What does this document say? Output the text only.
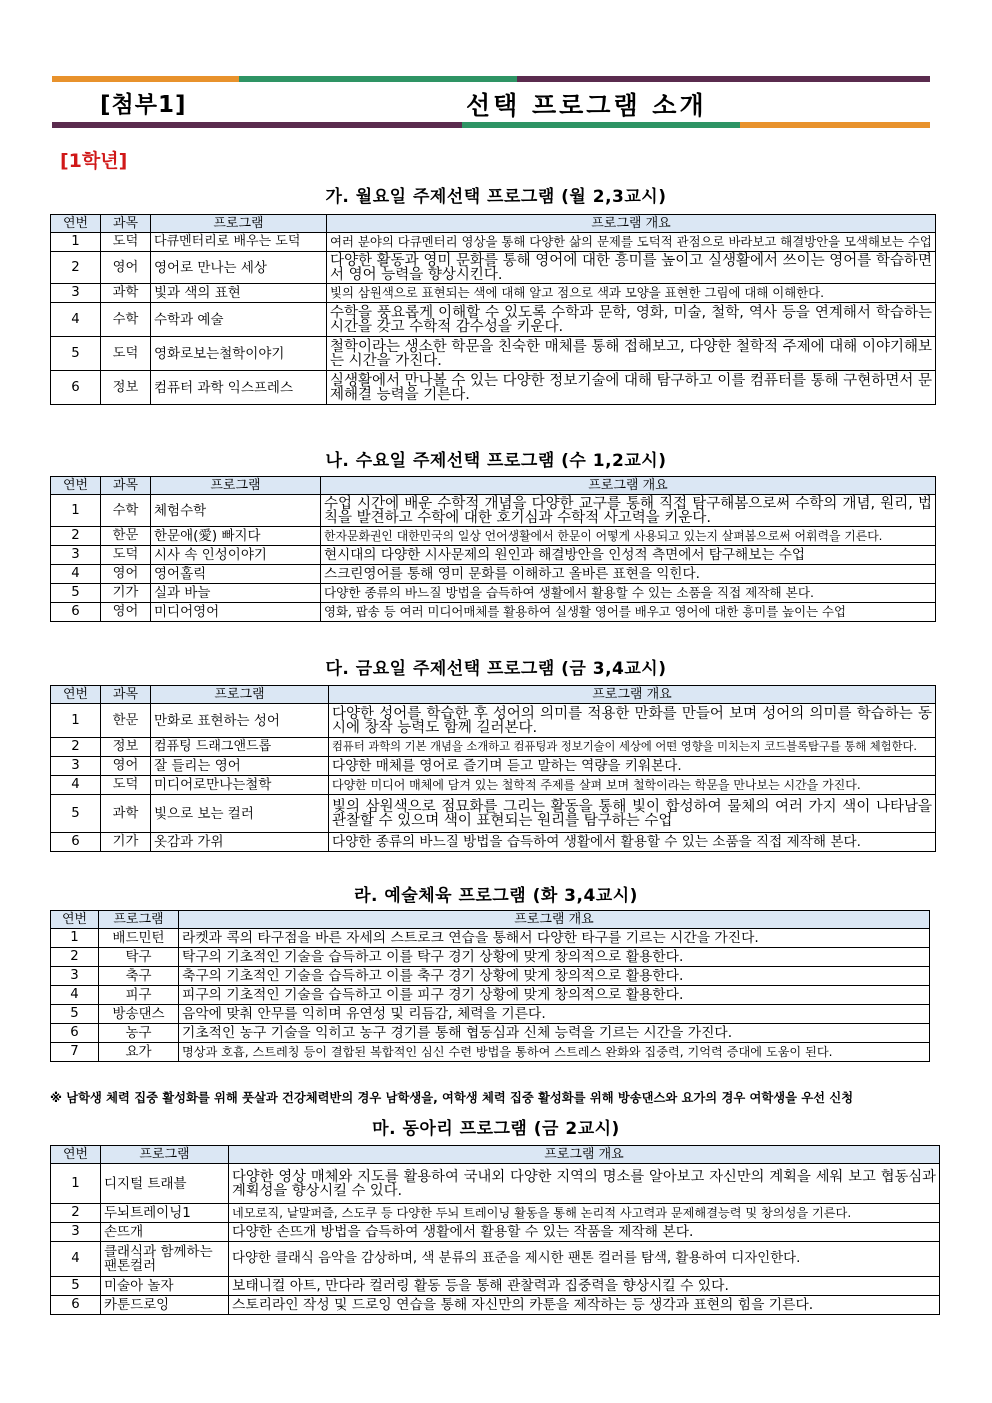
[첨부1]	선택 프로그램 소개
[1학년]
가. 월요일 주제선택 프로그램 (월 2,3교시)
연번	과목	프로그램	프로그램 개요
1	도덕	다큐멘터리로 배우는 도덕	여러 분야의 다큐멘터리 영상을 통해 다양한 삶의 문제를 도덕적 관점으로 바라보고 해결방안을 모색해보는 수업
2	영어	영어로 만나는 세상	다양한 활동과 영미 문화를 통해 영어에 대한 흥미를 높이고 실생활에서 쓰이는 영어를 학습하면서 영어 능력을 향상시킨다.
3	과학	빛과 색의 표현	빛의 삼원색으로 표현되는 색에 대해 알고 점으로 색과 모양을 표현한 그림에 대해 이해한다.
4	수학	수학과 예술	수학을 풍요롭게 이해할 수 있도록 수학과 문학, 영화, 미술, 철학, 역사 등을 연계해서 학습하는 시간을 갖고 수학적 감수성을 키운다.
5	도덕	영화로보는철학이야기	철학이라는 생소한 학문을 친숙한 매체를 통해 접해보고, 다양한 철학적 주제에 대해 이야기해보는 시간을 가진다.
6	정보	컴퓨터 과학 익스프레스	실생활에서 만나볼 수 있는 다양한 정보기술에 대해 탐구하고 이를 컴퓨터를 통해 구현하면서 문제해결 능력을 기른다.
나. 수요일 주제선택 프로그램 (수 1,2교시)
연번	과목	프로그램	프로그램 개요
1	수학	체험수학	수업 시간에 배운 수학적 개념을 다양한 교구를 통해 직접 탐구해봄으로써 수학의 개념, 원리, 법칙을 발견하고 수학에 대한 호기심과 수학적 사고력을 키운다.
2	한문	한문애(愛) 빠지다	한자문화권인 대한민국의 일상 언어생활에서 한문이 어떻게 사용되고 있는지 살펴봄으로써 어휘력을 기른다.
3	도덕	시사 속 인성이야기	현시대의 다양한 시사문제의 원인과 해결방안을 인성적 측면에서 탐구해보는 수업
4	영어	영어홀릭	스크린영어를 통해 영미 문화를 이해하고 올바른 표현을 익힌다.
5	기가	실과 바늘	다양한 종류의 바느질 방법을 습득하여 생활에서 활용할 수 있는 소품을 직접 제작해 본다.
6	영어	미디어영어	영화, 팝송 등 여러 미디어매체를 활용하여 실생활 영어를 배우고 영어에 대한 흥미를 높이는 수업
다. 금요일 주제선택 프로그램 (금 3,4교시)
연번	과목	프로그램	프로그램 개요
1	한문	만화로 표현하는 성어	다양한 성어를 학습한 후 성어의 의미를 적용한 만화를 만들어 보며 성어의 의미를 학습하는 동시에 창작 능력도 함께 길러본다.
2	정보	컴퓨팅 드래그앤드롭	컴퓨터 과학의 기본 개념을 소개하고 컴퓨팅과 정보기술이 세상에 어떤 영향을 미치는지 코드블록탐구를 통해 체험한다.
3	영어	잘 들리는 영어	다양한 매체를 영어로 즐기며 듣고 말하는 역량을 키워본다.
4	도덕	미디어로만나는철학	다양한 미디어 매체에 담겨 있는 철학적 주제를 살펴 보며 철학이라는 학문을 만나보는 시간을 가진다.
5	과학	빛으로 보는 컬러	빛의 삼원색으로 점묘화를 그리는 활동을 통해 빛이 합성하여 물체의 여러 가지 색이 나타남을 관찰할 수 있으며 색이 표현되는 원리를 탐구하는 수업
6	기가	옷감과 가위	다양한 종류의 바느질 방법을 습득하여 생활에서 활용할 수 있는 소품을 직접 제작해 본다.
라. 예술체육 프로그램 (화 3,4교시)
연번	프로그램	프로그램 개요
1	배드민턴	라켓과 콕의 타구점을 바른 자세의 스트로크 연습을 통해서 다양한 타구를 기르는 시간을 가진다.
2	탁구	탁구의 기초적인 기술을 습득하고 이를 탁구 경기 상황에 맞게 창의적으로 활용한다.
3	축구	축구의 기초적인 기술을 습득하고 이를 축구 경기 상황에 맞게 창의적으로 활용한다.
4	피구	피구의 기초적인 기술을 습득하고 이를 피구 경기 상황에 맞게 창의적으로 활용한다.
5	방송댄스	음악에 맞춰 안무를 익히며 유연성 및 리듬감, 체력을 기른다.
6	농구	기초적인 농구 기술을 익히고 농구 경기를 통해 협동심과 신체 능력을 기르는 시간을 가진다.
7	요가	명상과 호흡, 스트레칭 등이 결합된 복합적인 심신 수련 방법을 통하여 스트레스 완화와 집중력, 기억력 증대에 도움이 된다.
※ 남학생 체력 집중 활성화를 위해 풋살과 건강체력반의 경우 남학생을, 여학생 체력 집중 활성화를 위해 방송댄스와 요가의 경우 여학생을 우선 신청
마. 동아리 프로그램 (금 2교시)
연번	프로그램	프로그램 개요
1	디지털 트래블	다양한 영상 매체와 지도를 활용하여 국내외 다양한 지역의 명소를 알아보고 자신만의 계획을 세워 보고 협동심과 계획성을 향상시킬 수 있다.
2	두뇌트레이닝1	네모로직, 낱말퍼즐, 스도쿠 등 다양한 두뇌 트레이닝 활동을 통해 논리적 사고력과 문제해결능력 및 창의성을 기른다.
3	손뜨개	다양한 손뜨개 방법을 습득하여 생활에서 활용할 수 있는 작품을 제작해 본다.
4	클래식과 함께하는 팬톤컬러	다양한 클래식 음악을 감상하며, 색 분류의 표준을 제시한 팬톤 컬러를 탐색, 활용하여 디자인한다.
5	미술아 놀자	보태니컬 아트, 만다라 컬러링 활동 등을 통해 관찰력과 집중력을 향상시킬 수 있다.
6	카툰드로잉	스토리라인 작성 및 드로잉 연습을 통해 자신만의 카툰을 제작하는 등 생각과 표현의 힘을 기른다.
